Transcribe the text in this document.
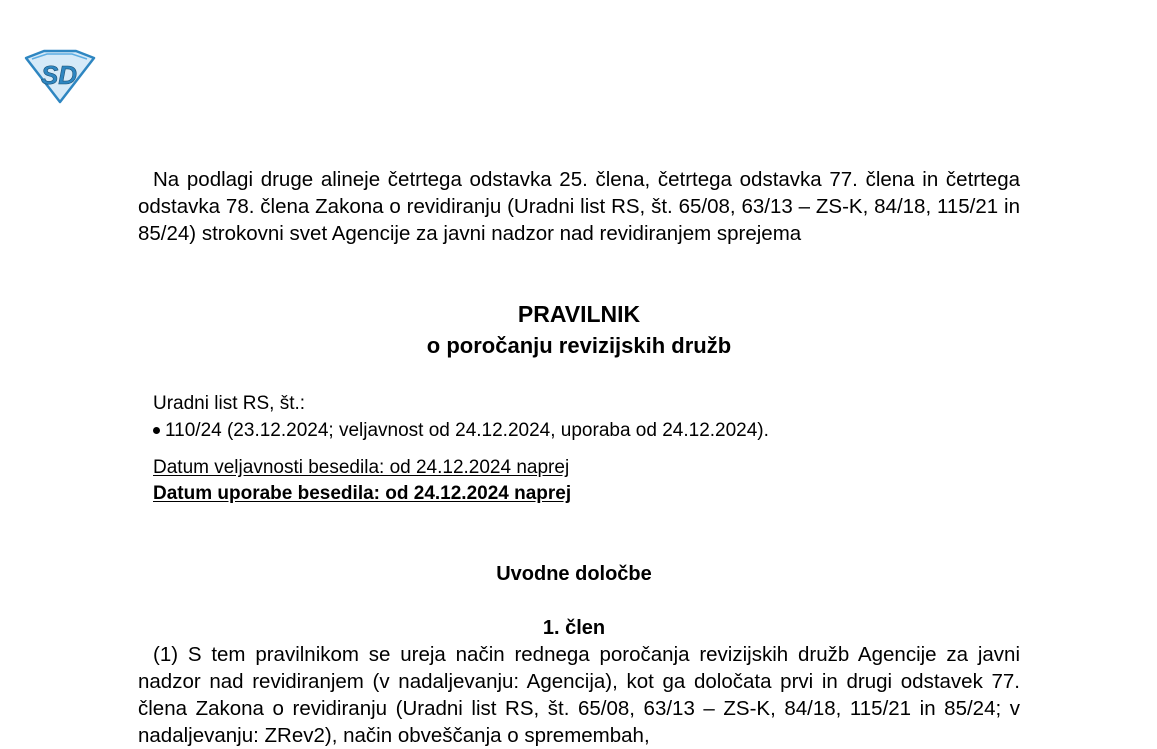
SD

Na podlagi druge alineje četrtega odstavka 25. člena, četrtega odstavka 77. člena in četrtega odstavka 78. člena Zakona o revidiranju (Uradni list RS, št. 65/08, 63/13 – ZS-K, 84/18, 115/21 in 85/24) strokovni svet Agencije za javni nadzor nad revidiranjem sprejema

PRAVILNIK

o poročanju revizijskih družb

Uradni list RS, št.:

110/24 (23.12.2024; veljavnost od 24.12.2024, uporaba od 24.12.2024).

Datum veljavnosti besedila: od 24.12.2024 naprej

Datum uporabe besedila: od 24.12.2024 naprej

Uvodne določbe

1. člen

(1) S tem pravilnikom se ureja način rednega poročanja revizijskih družb Agencije za javni nadzor nad revidiranjem (v nadaljevanju: Agencija), kot ga določata prvi in drugi odstavek 77. člena Zakona o revidiranju (Uradni list RS, št. 65/08, 63/13 – ZS-K, 84/18, 115/21 in 85/24; v nadaljevanju: ZRev2), način obveščanja o spremembah,
